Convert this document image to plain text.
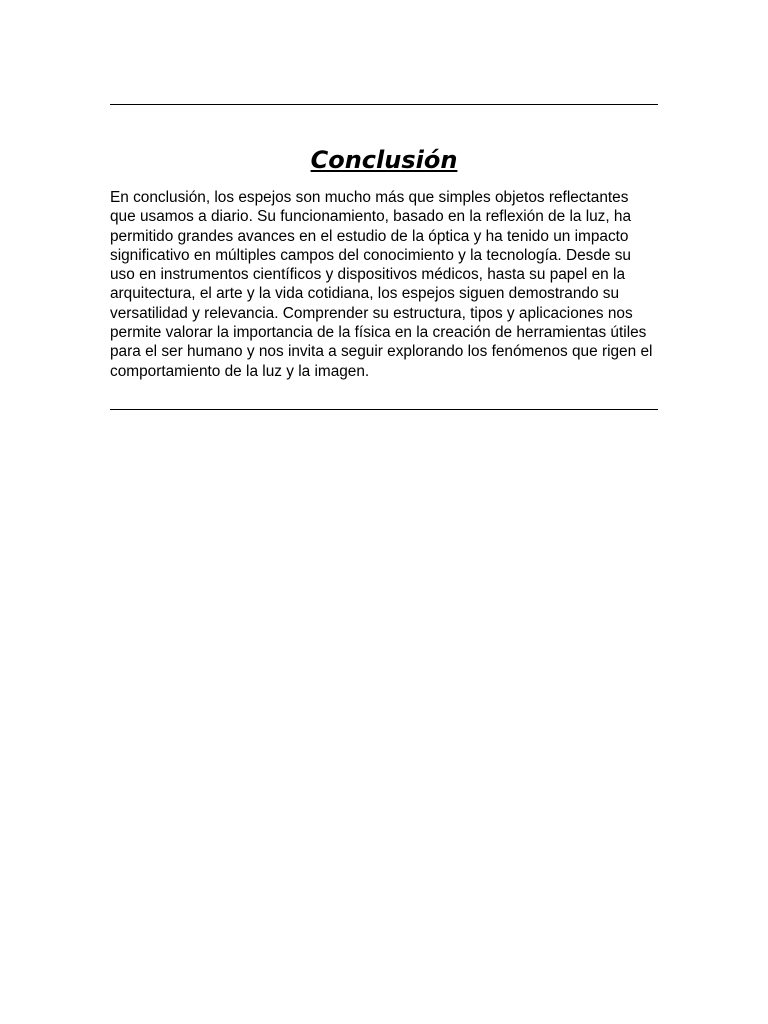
Conclusión

En conclusión, los espejos son mucho más que simples objetos reflectantes
que usamos a diario. Su funcionamiento, basado en la reflexión de la luz, ha
permitido grandes avances en el estudio de la óptica y ha tenido un impacto
significativo en múltiples campos del conocimiento y la tecnología. Desde su
uso en instrumentos científicos y dispositivos médicos, hasta su papel en la
arquitectura, el arte y la vida cotidiana, los espejos siguen demostrando su
versatilidad y relevancia. Comprender su estructura, tipos y aplicaciones nos
permite valorar la importancia de la física en la creación de herramientas útiles
para el ser humano y nos invita a seguir explorando los fenómenos que rigen el
comportamiento de la luz y la imagen.
